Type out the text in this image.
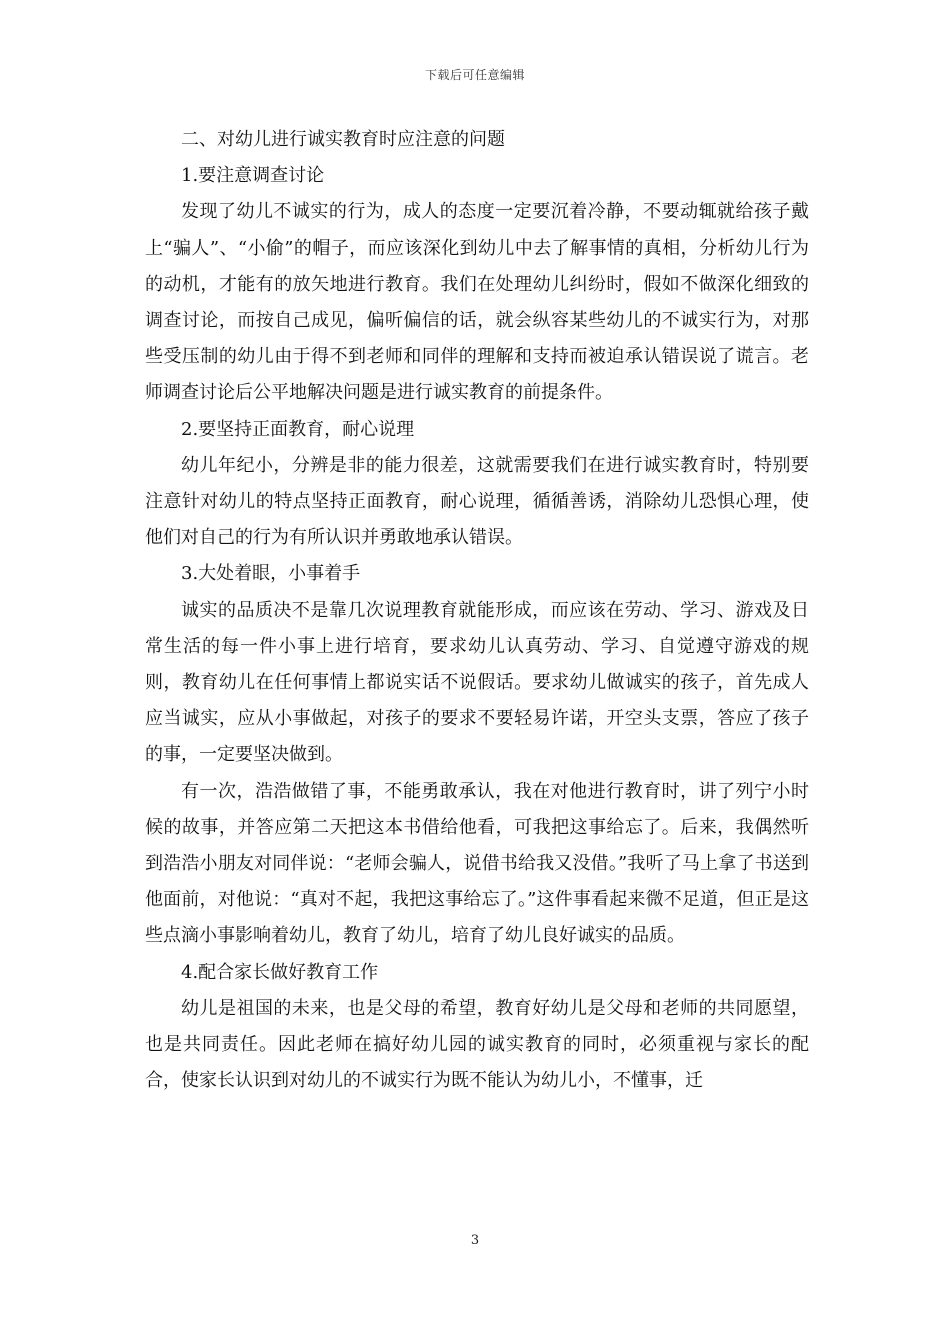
下载后可任意编辑

二、对幼儿进行诚实教育时应注意的问题

1.要注意调查讨论

发现了幼儿不诚实的行为，成人的态度一定要沉着冷静，不要动辄就给孩子戴上“骗人”、“小偷”的帽子，而应该深化到幼儿中去了解事情的真相，分析幼儿行为的动机，才能有的放矢地进行教育。我们在处理幼儿纠纷时，假如不做深化细致的调查讨论，而按自己成见，偏听偏信的话，就会纵容某些幼儿的不诚实行为，对那些受压制的幼儿由于得不到老师和同伴的理解和支持而被迫承认错误说了谎言。老师调查讨论后公平地解决问题是进行诚实教育的前提条件。

2.要坚持正面教育，耐心说理

幼儿年纪小，分辨是非的能力很差，这就需要我们在进行诚实教育时，特别要注意针对幼儿的特点坚持正面教育，耐心说理，循循善诱，消除幼儿恐惧心理，使他们对自己的行为有所认识并勇敢地承认错误。

3.大处着眼，小事着手

诚实的品质决不是靠几次说理教育就能形成，而应该在劳动、学习、游戏及日常生活的每一件小事上进行培育，要求幼儿认真劳动、学习、自觉遵守游戏的规则，教育幼儿在任何事情上都说实话不说假话。要求幼儿做诚实的孩子，首先成人应当诚实，应从小事做起，对孩子的要求不要轻易许诺，开空头支票，答应了孩子的事，一定要坚决做到。

有一次，浩浩做错了事，不能勇敢承认，我在对他进行教育时，讲了列宁小时候的故事，并答应第二天把这本书借给他看，可我把这事给忘了。后来，我偶然听到浩浩小朋友对同伴说：“老师会骗人，说借书给我又没借。”我听了马上拿了书送到他面前，对他说：“真对不起，我把这事给忘了。”这件事看起来微不足道，但正是这些点滴小事影响着幼儿，教育了幼儿，培育了幼儿良好诚实的品质。

4.配合家长做好教育工作

幼儿是祖国的未来，也是父母的希望，教育好幼儿是父母和老师的共同愿望，也是共同责任。因此老师在搞好幼儿园的诚实教育的同时，必须重视与家长的配合，使家长认识到对幼儿的不诚实行为既不能认为幼儿小，不懂事，迁

3
